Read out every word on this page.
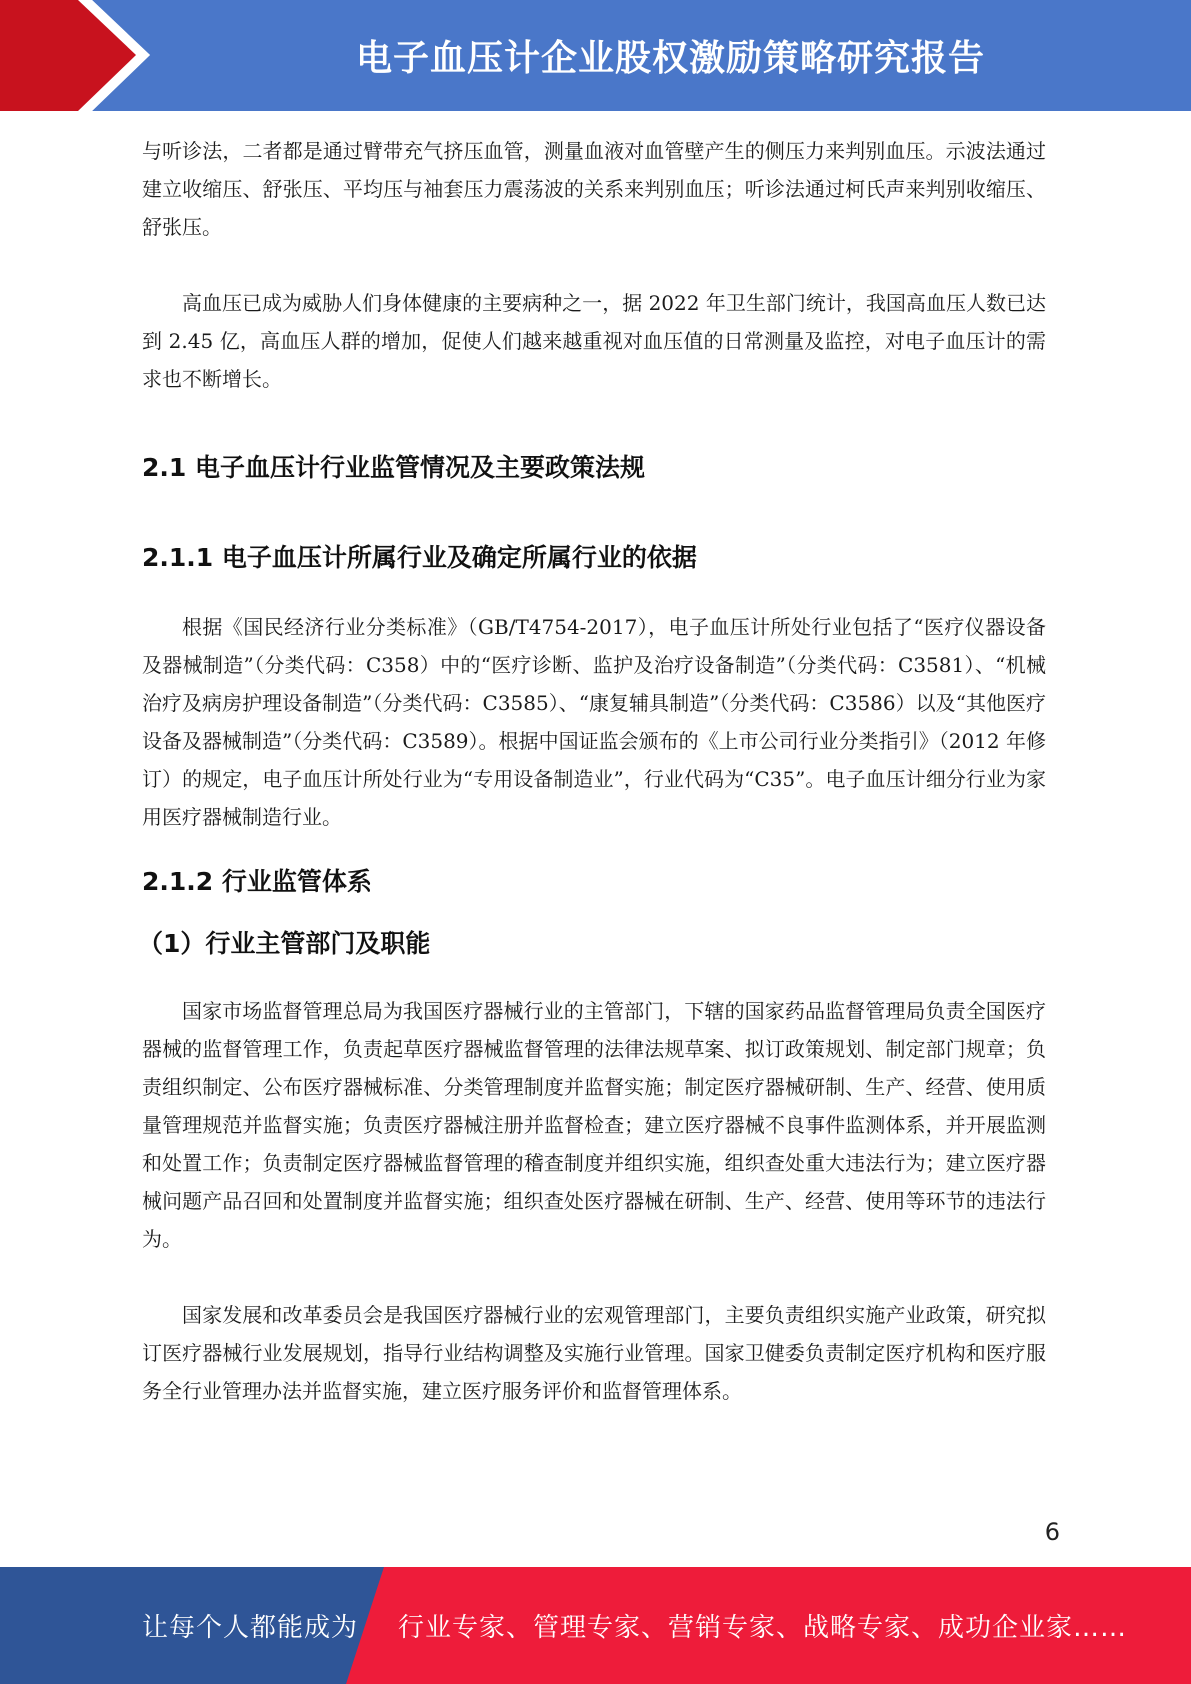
电子血压计企业股权激励策略研究报告

与听诊法，二者都是通过臂带充气挤压血管，测量血液对血管壁产生的侧压力来判别血压。示波法通过建立收缩压、舒张压、平均压与袖套压力震荡波的关系来判别血压；听诊法通过柯氏声来判别收缩压、舒张压。

高血压已成为威胁人们身体健康的主要病种之一，据 2022 年卫生部门统计，我国高血压人数已达到 2.45 亿，高血压人群的增加，促使人们越来越重视对血压值的日常测量及监控，对电子血压计的需求也不断增长。

2.1 电子血压计行业监管情况及主要政策法规
2.1.1 电子血压计所属行业及确定所属行业的依据

根据《国民经济行业分类标准》（GB/T4754-2017），电子血压计所处行业包括了“医疗仪器设备及器械制造”（分类代码：C358）中的“医疗诊断、监护及治疗设备制造”（分类代码：C3581）、“机械治疗及病房护理设备制造”（分类代码：C3585）、“康复辅具制造”（分类代码：C3586）以及“其他医疗设备及器械制造”（分类代码：C3589）。根据中国证监会颁布的《上市公司行业分类指引》（2012 年修订）的规定，电子血压计所处行业为“专用设备制造业”，行业代码为“C35”。电子血压计细分行业为家用医疗器械制造行业。

2.1.2 行业监管体系
（1）行业主管部门及职能

国家市场监督管理总局为我国医疗器械行业的主管部门，下辖的国家药品监督管理局负责全国医疗器械的监督管理工作，负责起草医疗器械监督管理的法律法规草案、拟订政策规划、制定部门规章；负责组织制定、公布医疗器械标准、分类管理制度并监督实施；制定医疗器械研制、生产、经营、使用质量管理规范并监督实施；负责医疗器械注册并监督检查；建立医疗器械不良事件监测体系，并开展监测和处置工作；负责制定医疗器械监督管理的稽查制度并组织实施，组织查处重大违法行为；建立医疗器械问题产品召回和处置制度并监督实施；组织查处医疗器械在研制、生产、经营、使用等环节的违法行为。

国家发展和改革委员会是我国医疗器械行业的宏观管理部门，主要负责组织实施产业政策，研究拟订医疗器械行业发展规划，指导行业结构调整及实施行业管理。国家卫健委负责制定医疗机构和医疗服务全行业管理办法并监督实施，建立医疗服务评价和监督管理体系。

6
让每个人都能成为 行业专家、管理专家、营销专家、战略专家、成功企业家……
